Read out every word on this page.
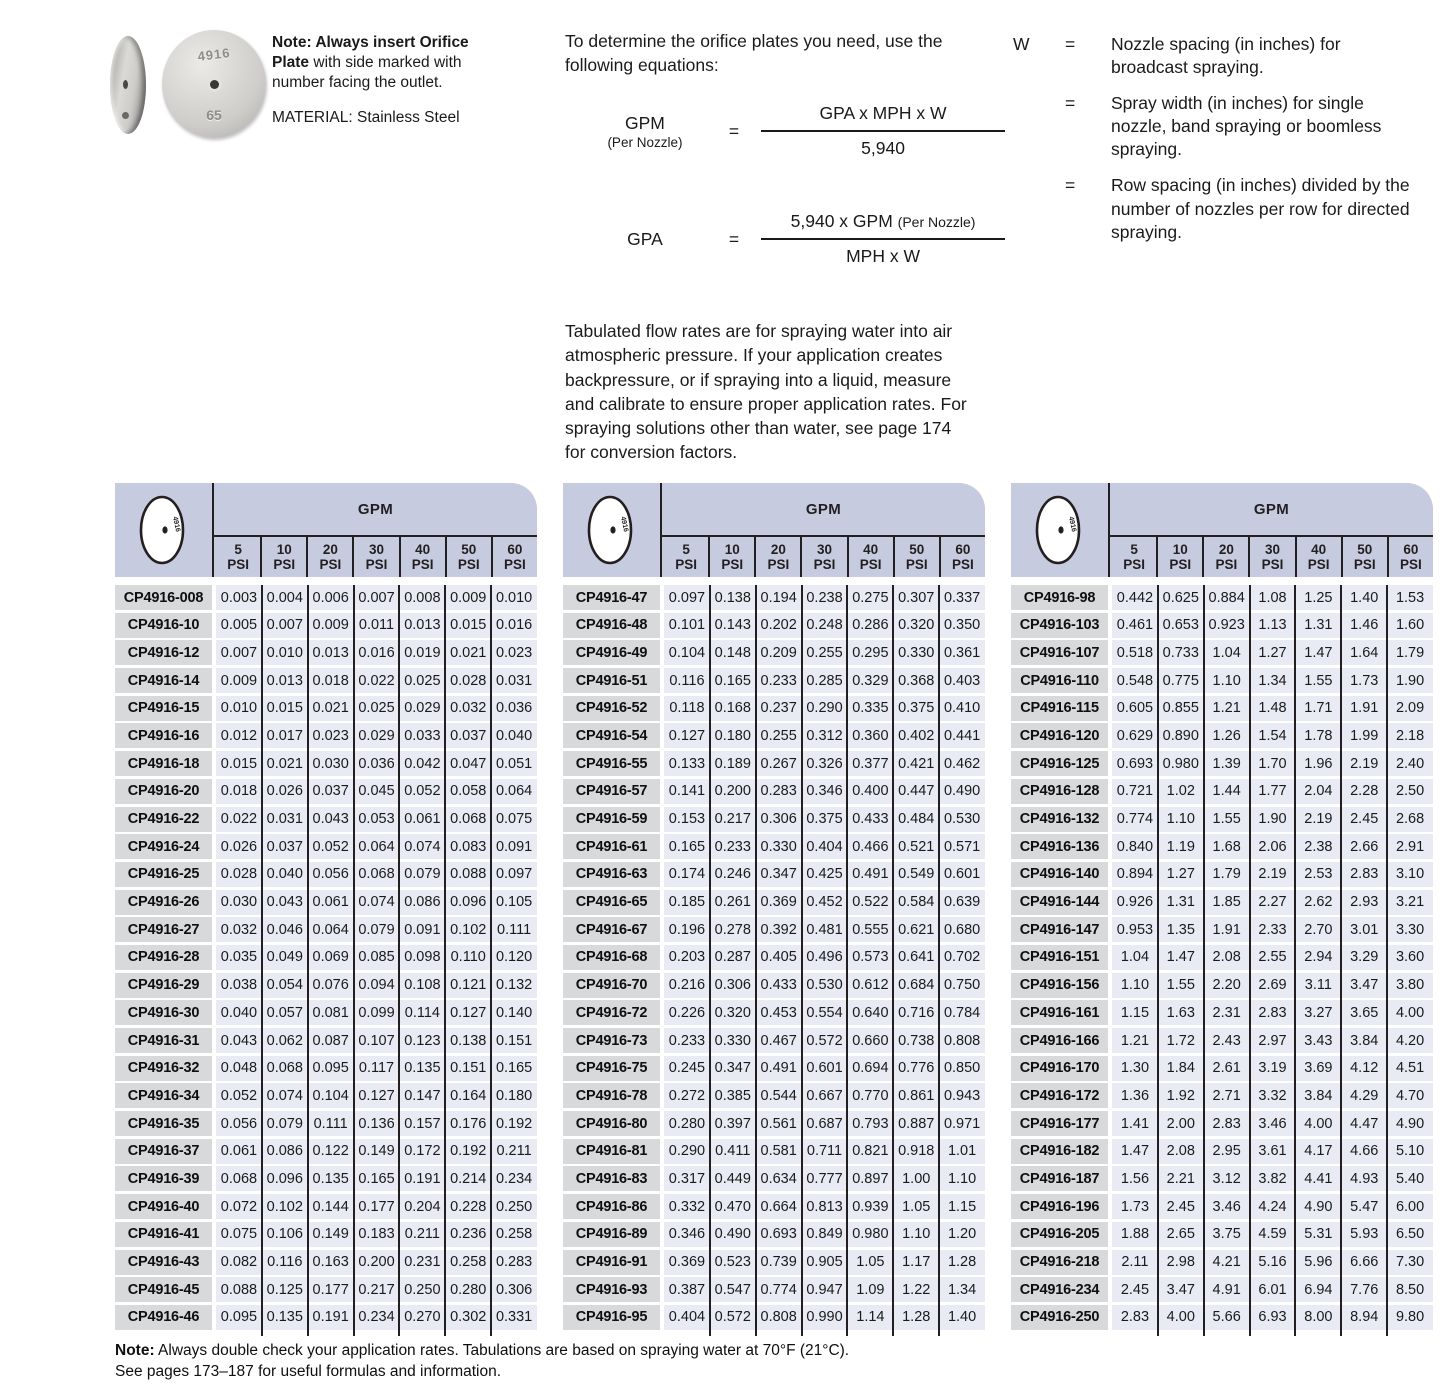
4916
65

Note: Always insert Orifice Plate with side marked with number facing the outlet.

MATERIAL: Stainless Steel

To determine the orifice plates you need, use the following equations:

GPM
(Per Nozzle)
=	$\frac{\text{GPA x MPH x W}}{5,940}$
GPA	=	$\frac{\text{5,940 x GPM (Per Nozzle)}}{\text{MPH x W}}$

Tabulated flow rates are for spraying water into air atmospheric pressure. If your application creates backpressure, or if spraying into a liquid, measure and calibrate to ensure proper application rates. For spraying solutions other than water, see page 174 for conversion factors.

W	=	Nozzle spacing (in inches) for broadcast spraying.
=	Spray width (in inches) for single nozzle, band spraying or boomless spraying.
=	Row spacing (in inches) divided by the number of nozzles per row for directed spraying.
4916
GPM
5
PSI
10
PSI
20
PSI
30
PSI
40
PSI
50
PSI
60
PSI
CP4916-008	0.003 0.004 0.006 0.007 0.008 0.009 0.010
CP4916-10	0.005 0.007 0.009 0.011 0.013 0.015 0.016
CP4916-12	0.007 0.010 0.013 0.016 0.019 0.021 0.023
CP4916-14	0.009 0.013 0.018 0.022 0.025 0.028 0.031
CP4916-15	0.010 0.015 0.021 0.025 0.029 0.032 0.036
CP4916-16	0.012 0.017 0.023 0.029 0.033 0.037 0.040
CP4916-18	0.015 0.021 0.030 0.036 0.042 0.047 0.051
CP4916-20	0.018 0.026 0.037 0.045 0.052 0.058 0.064
CP4916-22	0.022 0.031 0.043 0.053 0.061 0.068 0.075
CP4916-24	0.026 0.037 0.052 0.064 0.074 0.083 0.091
CP4916-25	0.028 0.040 0.056 0.068 0.079 0.088 0.097
CP4916-26	0.030 0.043 0.061 0.074 0.086 0.096 0.105
CP4916-27	0.032 0.046 0.064 0.079 0.091 0.102 0.111
CP4916-28	0.035 0.049 0.069 0.085 0.098 0.110 0.120
CP4916-29	0.038 0.054 0.076 0.094 0.108 0.121 0.132
CP4916-30	0.040 0.057 0.081 0.099 0.114 0.127 0.140
CP4916-31	0.043 0.062 0.087 0.107 0.123 0.138 0.151
CP4916-32	0.048 0.068 0.095 0.117 0.135 0.151 0.165
CP4916-34	0.052 0.074 0.104 0.127 0.147 0.164 0.180
CP4916-35	0.056 0.079 0.111 0.136 0.157 0.176 0.192
CP4916-37	0.061 0.086 0.122 0.149 0.172 0.192 0.211
CP4916-39	0.068 0.096 0.135 0.165 0.191 0.214 0.234
CP4916-40	0.072 0.102 0.144 0.177 0.204 0.228 0.250
CP4916-41	0.075 0.106 0.149 0.183 0.211 0.236 0.258
CP4916-43	0.082 0.116 0.163 0.200 0.231 0.258 0.283
CP4916-45	0.088 0.125 0.177 0.217 0.250 0.280 0.306
CP4916-46	0.095 0.135 0.191 0.234 0.270 0.302 0.331
4916
GPM
5
PSI
10
PSI
20
PSI
30
PSI
40
PSI
50
PSI
60
PSI
CP4916-47	0.097 0.138 0.194 0.238 0.275 0.307 0.337
CP4916-48	0.101 0.143 0.202 0.248 0.286 0.320 0.350
CP4916-49	0.104 0.148 0.209 0.255 0.295 0.330 0.361
CP4916-51	0.116 0.165 0.233 0.285 0.329 0.368 0.403
CP4916-52	0.118 0.168 0.237 0.290 0.335 0.375 0.410
CP4916-54	0.127 0.180 0.255 0.312 0.360 0.402 0.441
CP4916-55	0.133 0.189 0.267 0.326 0.377 0.421 0.462
CP4916-57	0.141 0.200 0.283 0.346 0.400 0.447 0.490
CP4916-59	0.153 0.217 0.306 0.375 0.433 0.484 0.530
CP4916-61	0.165 0.233 0.330 0.404 0.466 0.521 0.571
CP4916-63	0.174 0.246 0.347 0.425 0.491 0.549 0.601
CP4916-65	0.185 0.261 0.369 0.452 0.522 0.584 0.639
CP4916-67	0.196 0.278 0.392 0.481 0.555 0.621 0.680
CP4916-68	0.203 0.287 0.405 0.496 0.573 0.641 0.702
CP4916-70	0.216 0.306 0.433 0.530 0.612 0.684 0.750
CP4916-72	0.226 0.320 0.453 0.554 0.640 0.716 0.784
CP4916-73	0.233 0.330 0.467 0.572 0.660 0.738 0.808
CP4916-75	0.245 0.347 0.491 0.601 0.694 0.776 0.850
CP4916-78	0.272 0.385 0.544 0.667 0.770 0.861 0.943
CP4916-80	0.280 0.397 0.561 0.687 0.793 0.887 0.971
CP4916-81	0.290 0.411 0.581 0.711 0.821 0.918 1.01
CP4916-83	0.317 0.449 0.634 0.777 0.897 1.00	1.10
CP4916-86	0.332 0.470 0.664 0.813 0.939 1.05	1.15
CP4916-89	0.346 0.490 0.693 0.849 0.980 1.10	1.20
CP4916-91	0.369 0.523 0.739 0.905 1.05	1.17	1.28
CP4916-93	0.387 0.547 0.774 0.947 1.09	1.22	1.34
CP4916-95	0.404 0.572 0.808 0.990 1.14	1.28	1.40
4916
GPM
5
PSI
10
PSI
20
PSI
30
PSI
40
PSI
50
PSI
60
PSI
CP4916-98	0.442 0.625 0.884 1.08	1.25	1.40	1.53
CP4916-103	0.461 0.653 0.923 1.13	1.31	1.46	1.60
CP4916-107	0.518 0.733 1.04	1.27	1.47	1.64	1.79
CP4916-110	0.548 0.775 1.10	1.34	1.55	1.73	1.90
CP4916-115	0.605 0.855 1.21	1.48	1.71	1.91	2.09
CP4916-120	0.629 0.890 1.26	1.54	1.78	1.99	2.18
CP4916-125	0.693 0.980 1.39	1.70	1.96	2.19	2.40
CP4916-128	0.721 1.02	1.44	1.77	2.04	2.28	2.50
CP4916-132	0.774 1.10	1.55	1.90	2.19	2.45	2.68
CP4916-136	0.840 1.19	1.68	2.06	2.38	2.66	2.91
CP4916-140	0.894 1.27	1.79	2.19	2.53	2.83	3.10
CP4916-144	0.926 1.31	1.85	2.27	2.62	2.93	3.21
CP4916-147	0.953 1.35	1.91	2.33	2.70	3.01	3.30
CP4916-151	1.04	1.47	2.08	2.55	2.94	3.29	3.60
CP4916-156	1.10	1.55	2.20	2.69	3.11	3.47	3.80
CP4916-161	1.15	1.63	2.31	2.83	3.27	3.65	4.00
CP4916-166	1.21	1.72	2.43	2.97	3.43	3.84	4.20
CP4916-170	1.30	1.84	2.61	3.19	3.69	4.12	4.51
CP4916-172	1.36	1.92	2.71	3.32	3.84	4.29	4.70
CP4916-177	1.41	2.00	2.83	3.46	4.00	4.47	4.90
CP4916-182	1.47	2.08	2.95	3.61	4.17	4.66	5.10
CP4916-187	1.56	2.21	3.12	3.82	4.41	4.93	5.40
CP4916-196	1.73	2.45	3.46	4.24	4.90	5.47	6.00
CP4916-205	1.88	2.65	3.75	4.59	5.31	5.93	6.50
CP4916-218	2.11	2.98	4.21	5.16	5.96	6.66	7.30
CP4916-234	2.45	3.47	4.91	6.01	6.94	7.76	8.50
CP4916-250	2.83	4.00	5.66	6.93	8.00	8.94	9.80
Note: Always double check your application rates. Tabulations are based on spraying water at 70°F (21°C).
See pages 173–187 for useful formulas and information.
